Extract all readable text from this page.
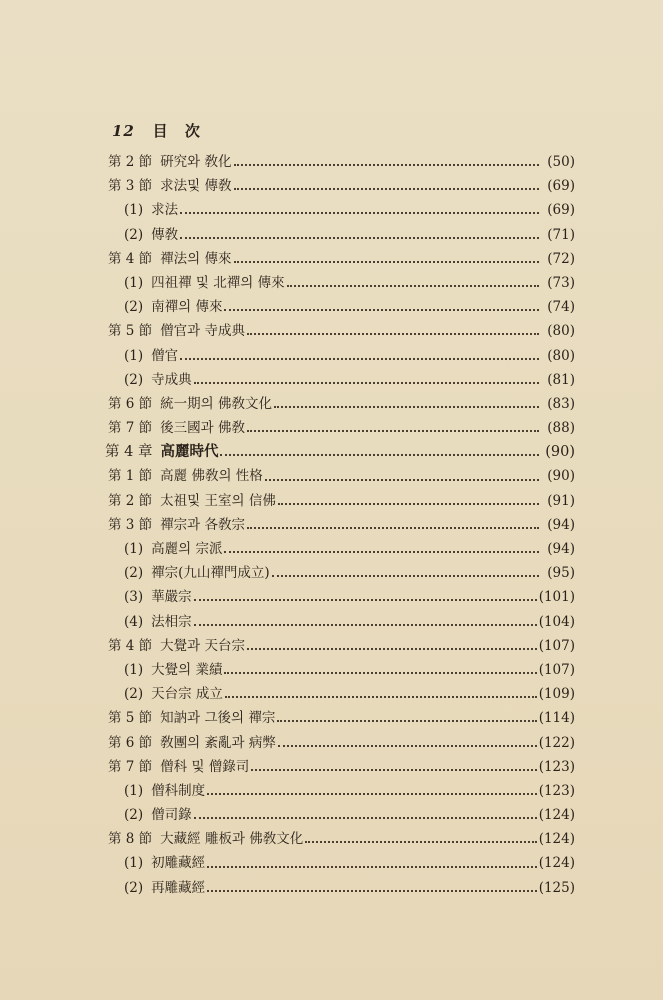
12 目 次
第 2 節 硏究와 敎化	(50)
第 3 節 求法및 傳敎	(69)
(1) 求法	(69)
(2) 傳敎	(71)
第 4 節 禪法의 傳來	(72)
(1) 四祖禪 및 北禪의 傳來	(73)
(2) 南禪의 傳來	(74)
第 5 節 僧官과 寺成典	(80)
(1) 僧官	(80)
(2) 寺成典	(81)
第 6 節 統一期의 佛敎文化	(83)
第 7 節 後三國과 佛敎	(88)
第 4 章 高麗時代	(90)
第 1 節 高麗 佛敎의 性格	(90)
第 2 節 太祖및 王室의 信佛	(91)
第 3 節 禪宗과 各敎宗	(94)
(1) 高麗의 宗派	(94)
(2) 禪宗(九山禪門成立)	(95)
(3) 華嚴宗	(101)
(4) 法相宗	(104)
第 4 節 大覺과 天台宗	(107)
(1) 大覺의 業績	(107)
(2) 天台宗 成立	(109)
第 5 節 知訥과 그後의 禪宗	(114)
第 6 節 敎團의 紊亂과 病弊	(122)
第 7 節 僧科 및 僧錄司	(123)
(1) 僧科制度	(123)
(2) 僧司錄	(124)
第 8 節 大藏經 雕板과 佛敎文化	(124)
(1) 初雕藏經	(124)
(2) 再雕藏經	(125)
